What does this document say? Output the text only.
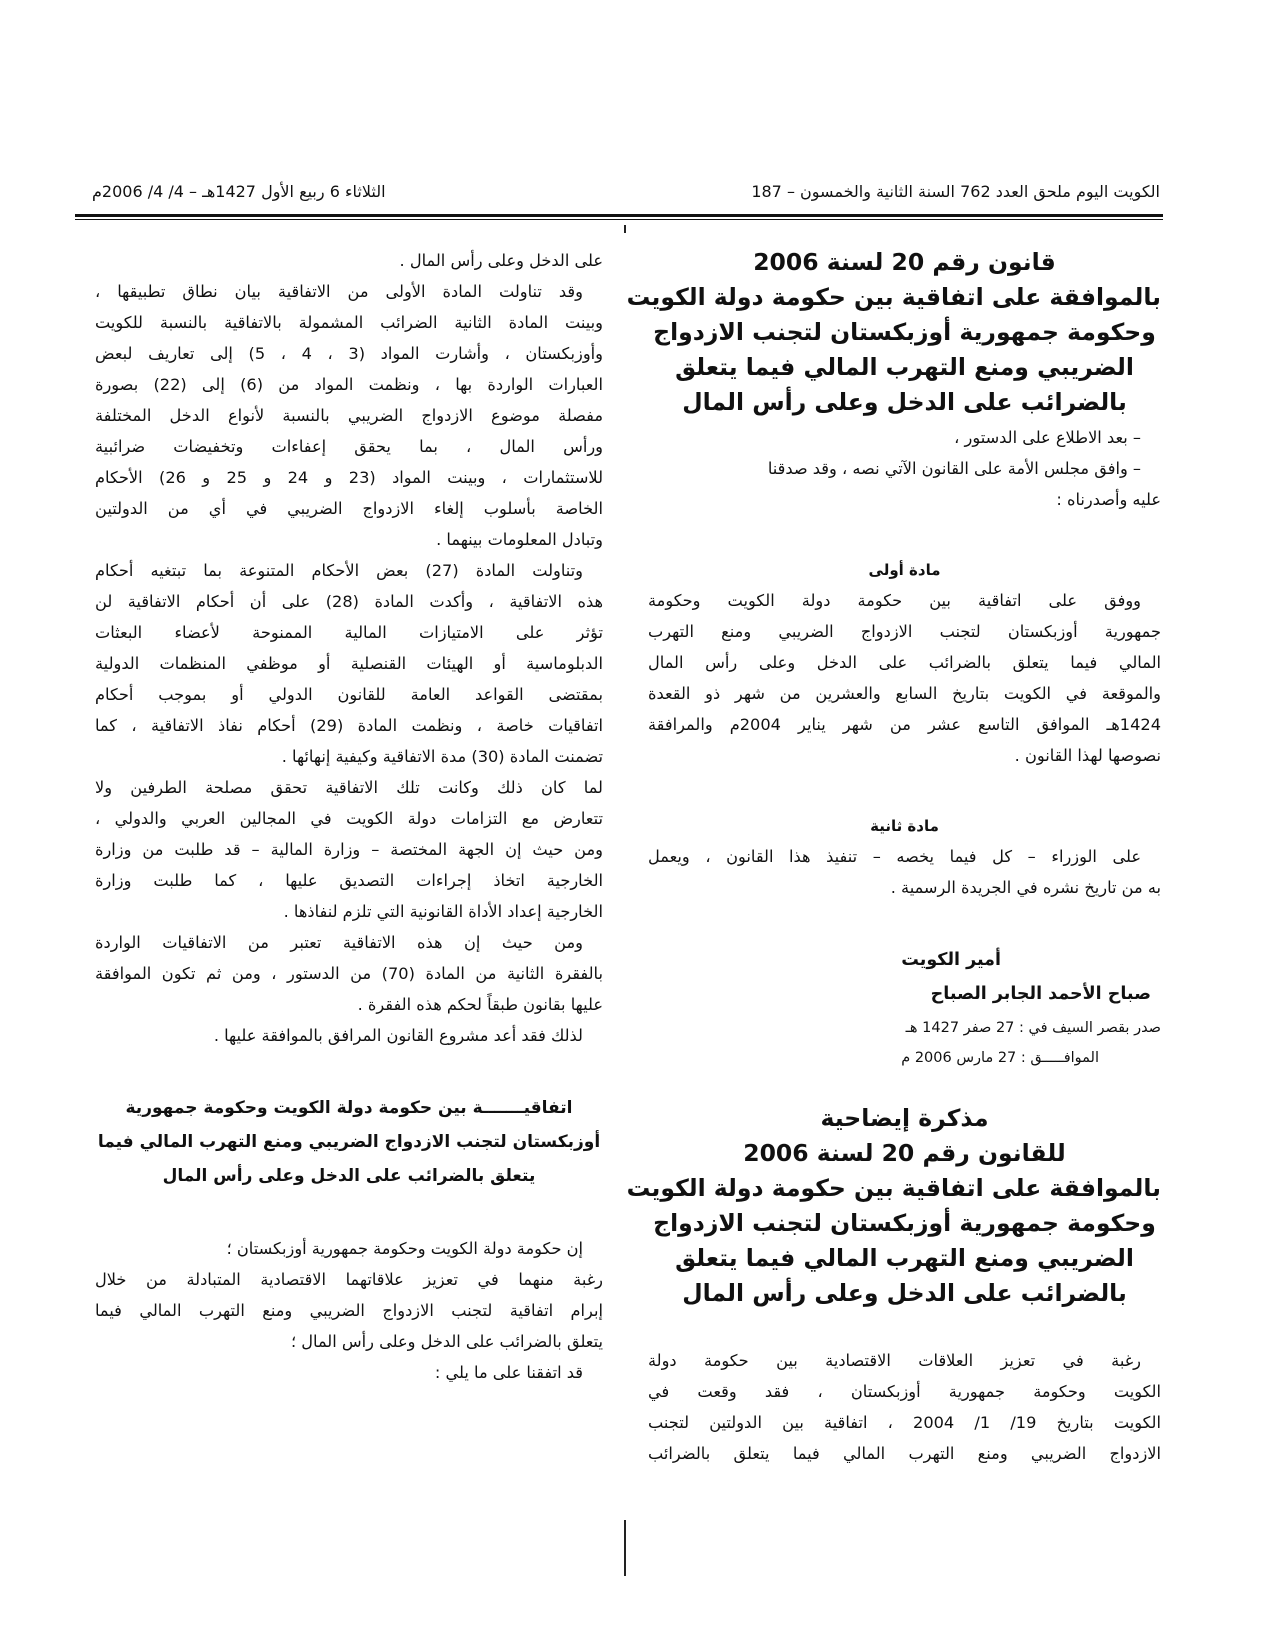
الكويت اليوم ملحق العدد 762 السنة الثانية والخمسون – 187
الثلاثاء 6 ربيع الأول 1427هـ – 4/ 4/ 2006م
قانون رقم 20 لسنة 2006
بالموافقة على اتفاقية بين حكومة دولة الكويت
وحكومة جمهورية أوزبكستان لتجنب الازدواج
الضريبي ومنع التهرب المالي فيما يتعلق
بالضرائب على الدخل وعلى رأس المال
– بعد الاطلاع على الدستور ،
– وافق مجلس الأمة على القانون الآتي نصه ، وقد صدقنا
عليه وأصدرناه :
مادة أولى
ووفق على اتفاقية بين حكومة دولة الكويت وحكومة
جمهورية أوزبكستان لتجنب الازدواج الضريبي ومنع التهرب
المالي فيما يتعلق بالضرائب على الدخل وعلى رأس المال
والموقعة في الكويت بتاريخ السابع والعشرين من شهر ذو القعدة
1424هـ الموافق التاسع عشر من شهر يناير 2004م والمرافقة
نصوصها لهذا القانون .
مادة ثانية
على الوزراء – كل فيما يخصه – تنفيذ هذا القانون ، ويعمل
به من تاريخ نشره في الجريدة الرسمية .
أمير الكويت
صباح الأحمد الجابر الصباح
صدر بقصر السيف في : 27 صفر 1427 هـ
الموافـــــق : 27 مارس 2006 م
مذكرة إيضاحية
للقانون رقم 20 لسنة 2006
بالموافقة على اتفاقية بين حكومة دولة الكويت
وحكومة جمهورية أوزبكستان لتجنب الازدواج
الضريبي ومنع التهرب المالي فيما يتعلق
بالضرائب على الدخل وعلى رأس المال
رغبة في تعزيز العلاقات الاقتصادية بين حكومة دولة
الكويت وحكومة جمهورية أوزبكستان ، فقد وقعت في
الكويت بتاريخ 19/ 1/ 2004 ، اتفاقية بين الدولتين لتجنب
الازدواج الضريبي ومنع التهرب المالي فيما يتعلق بالضرائب
على الدخل وعلى رأس المال .
وقد تناولت المادة الأولى من الاتفاقية بيان نطاق تطبيقها ،
وبينت المادة الثانية الضرائب المشمولة بالاتفاقية بالنسبة للكويت
وأوزبكستان ، وأشارت المواد (3 ، 4 ، 5) إلى تعاريف لبعض
العبارات الواردة بها ، ونظمت المواد من (6) إلى (22) بصورة
مفصلة موضوع الازدواج الضريبي بالنسبة لأنواع الدخل المختلفة
ورأس المال ، بما يحقق إعفاءات وتخفيضات ضرائبية
للاستثمارات ، وبينت المواد (23 و 24 و 25 و 26) الأحكام
الخاصة بأسلوب إلغاء الازدواج الضريبي في أي من الدولتين
وتبادل المعلومات بينهما .
وتناولت المادة (27) بعض الأحكام المتنوعة بما تبتغيه أحكام
هذه الاتفاقية ، وأكدت المادة (28) على أن أحكام الاتفاقية لن
تؤثر على الامتيازات المالية الممنوحة لأعضاء البعثات
الدبلوماسية أو الهيئات القنصلية أو موظفي المنظمات الدولية
بمقتضى القواعد العامة للقانون الدولي أو بموجب أحكام
اتفاقيات خاصة ، ونظمت المادة (29) أحكام نفاذ الاتفاقية ، كما
تضمنت المادة (30) مدة الاتفاقية وكيفية إنهائها .
لما كان ذلك وكانت تلك الاتفاقية تحقق مصلحة الطرفين ولا
تتعارض مع التزامات دولة الكويت في المجالين العربي والدولي ،
ومن حيث إن الجهة المختصة – وزارة المالية – قد طلبت من وزارة
الخارجية اتخاذ إجراءات التصديق عليها ، كما طلبت وزارة
الخارجية إعداد الأداة القانونية التي تلزم لنفاذها .
ومن حيث إن هذه الاتفاقية تعتبر من الاتفاقيات الواردة
بالفقرة الثانية من المادة (70) من الدستور ، ومن ثم تكون الموافقة
عليها بقانون طبقاً لحكم هذه الفقرة .
لذلك فقد أعد مشروع القانون المرافق بالموافقة عليها .
اتفاقيـــــــة بين حكومة دولة الكويت وحكومة جمهورية
أوزبكستان لتجنب الازدواج الضريبي ومنع التهرب المالي فيما
يتعلق بالضرائب على الدخل وعلى رأس المال
إن حكومة دولة الكويت وحكومة جمهورية أوزبكستان ؛
رغبة منهما في تعزيز علاقاتهما الاقتصادية المتبادلة من خلال
إبرام اتفاقية لتجنب الازدواج الضريبي ومنع التهرب المالي فيما
يتعلق بالضرائب على الدخل وعلى رأس المال ؛
قد اتفقنا على ما يلي :
